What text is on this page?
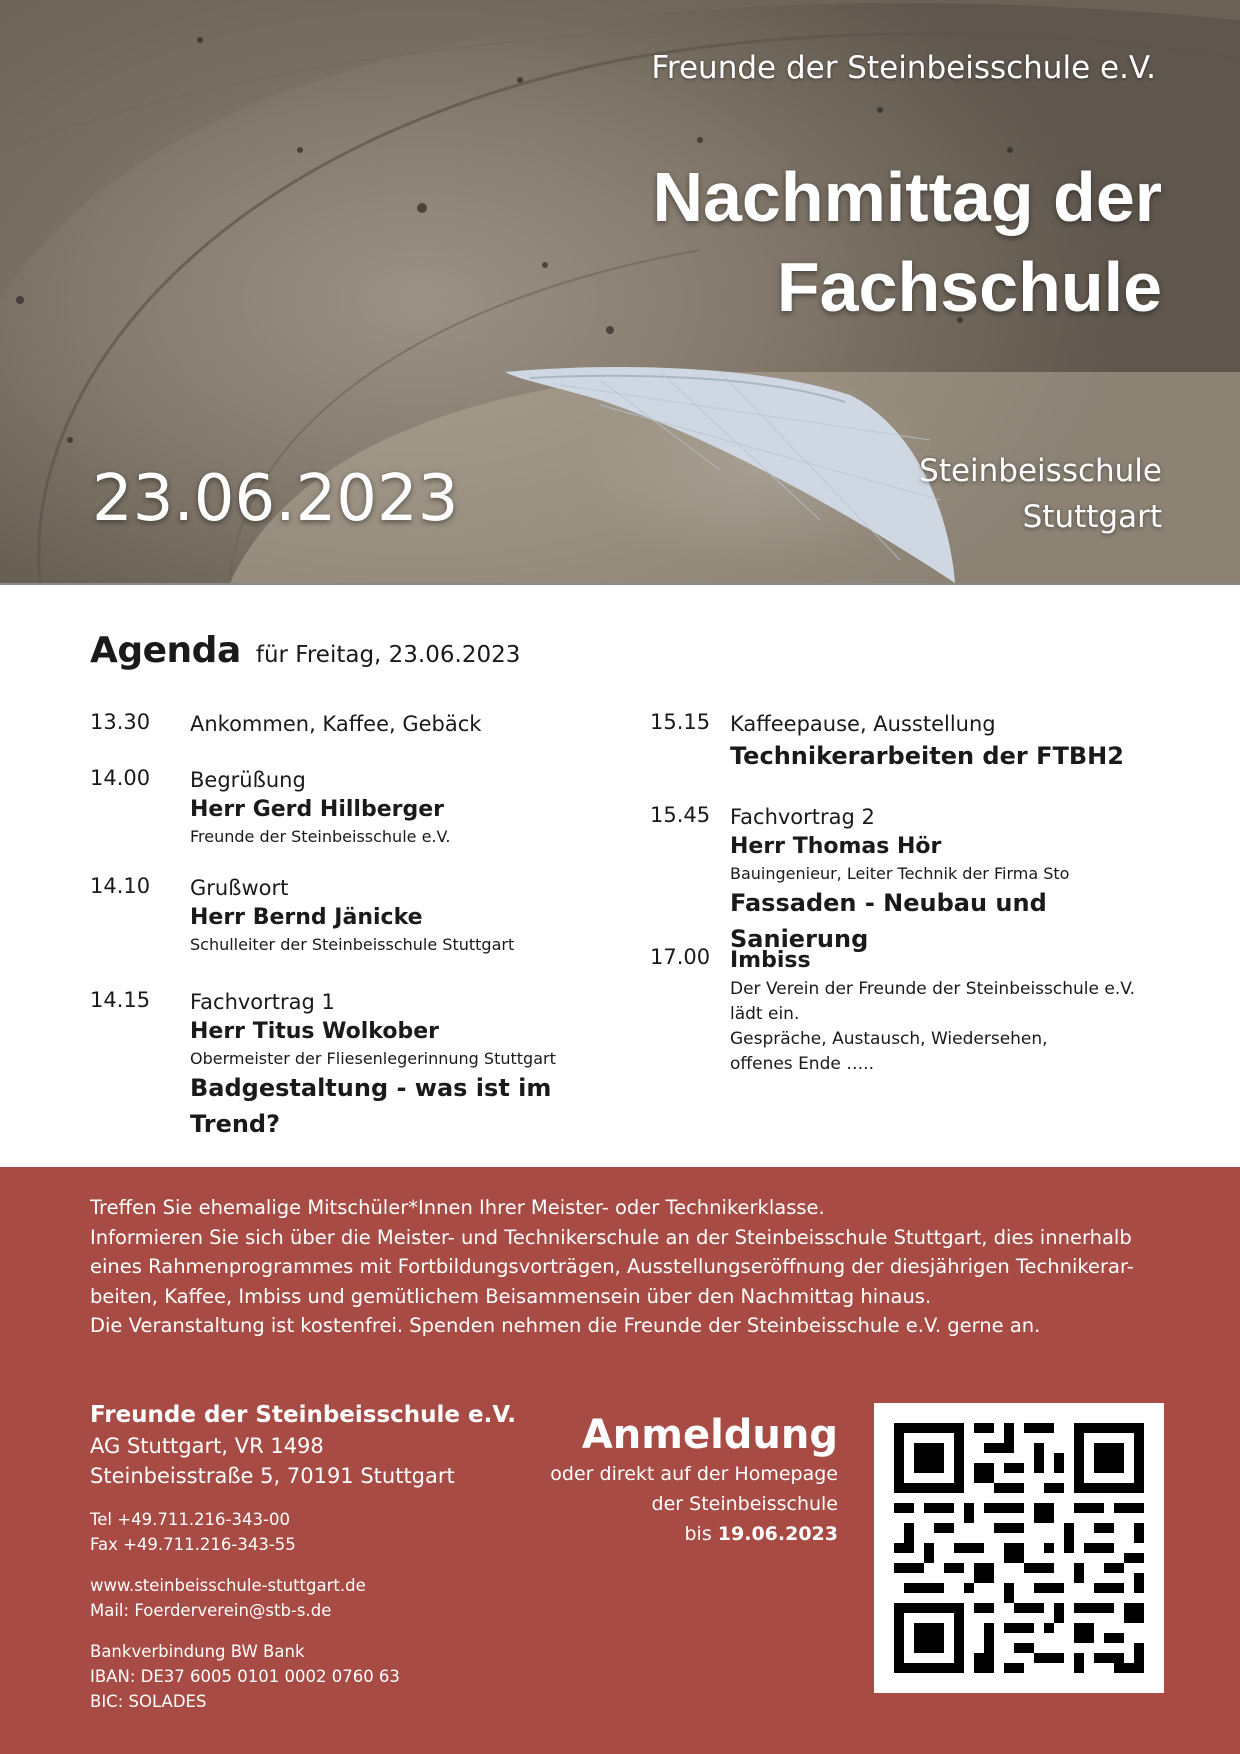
Freunde der Steinbeisschule e.V.
Nachmittag der
Fachschule
23.06.2023	Steinbeisschule
Stuttgart
Agenda für Freitag, 23.06.2023
13.30	Ankommen, Kaffee, Gebäck
14.00	Begrüßung
Herr Gerd Hillberger
Freunde der Steinbeisschule e.V.
14.10	Grußwort
Herr Bernd Jänicke
Schulleiter der Steinbeisschule Stuttgart
14.15	Fachvortrag 1
Herr Titus Wolkober
Obermeister der Fliesenlegerinnung Stuttgart
Badgestaltung - was ist im Trend?
15.15 Kaffeepause, Ausstellung
Technikerarbeiten der FTBH2
15.45 Fachvortrag 2
Herr Thomas Hör
Bauingenieur, Leiter Technik der Firma Sto
Fassaden - Neubau und Sanierung
17.00 Imbiss
Der Verein der Freunde der Steinbeisschule e.V.
lädt ein.
Gespräche, Austausch, Wiedersehen,
offenes Ende …..

Treffen Sie ehemalige Mitschüler*Innen Ihrer Meister- oder Technikerklasse.

Informieren Sie sich über die Meister- und Technikerschule an der Steinbeisschule Stuttgart, dies innerhalb eines Rahmenprogrammes mit Fortbildungsvorträgen, Ausstellungseröffnung der diesjährigen Technikerar-beiten, Kaffee, Imbiss und gemütlichem Beisammensein über den Nachmittag hinaus.

Die Veranstaltung ist kostenfrei. Spenden nehmen die Freunde der Steinbeisschule e.V. gerne an.

Freunde der Steinbeisschule e.V.
AG Stuttgart, VR 1498
Steinbeisstraße 5, 70191 Stuttgart
Tel +49.711.216-343-00
Fax +49.711.216-343-55
www.steinbeisschule-stuttgart.de
Mail: Foerderverein@stb-s.de
Bankverbindung BW Bank
IBAN: DE37 6005 0101 0002 0760 63
BIC: SOLADES
Anmeldung
oder direkt auf der Homepage
der Steinbeisschule
bis 19.06.2023
